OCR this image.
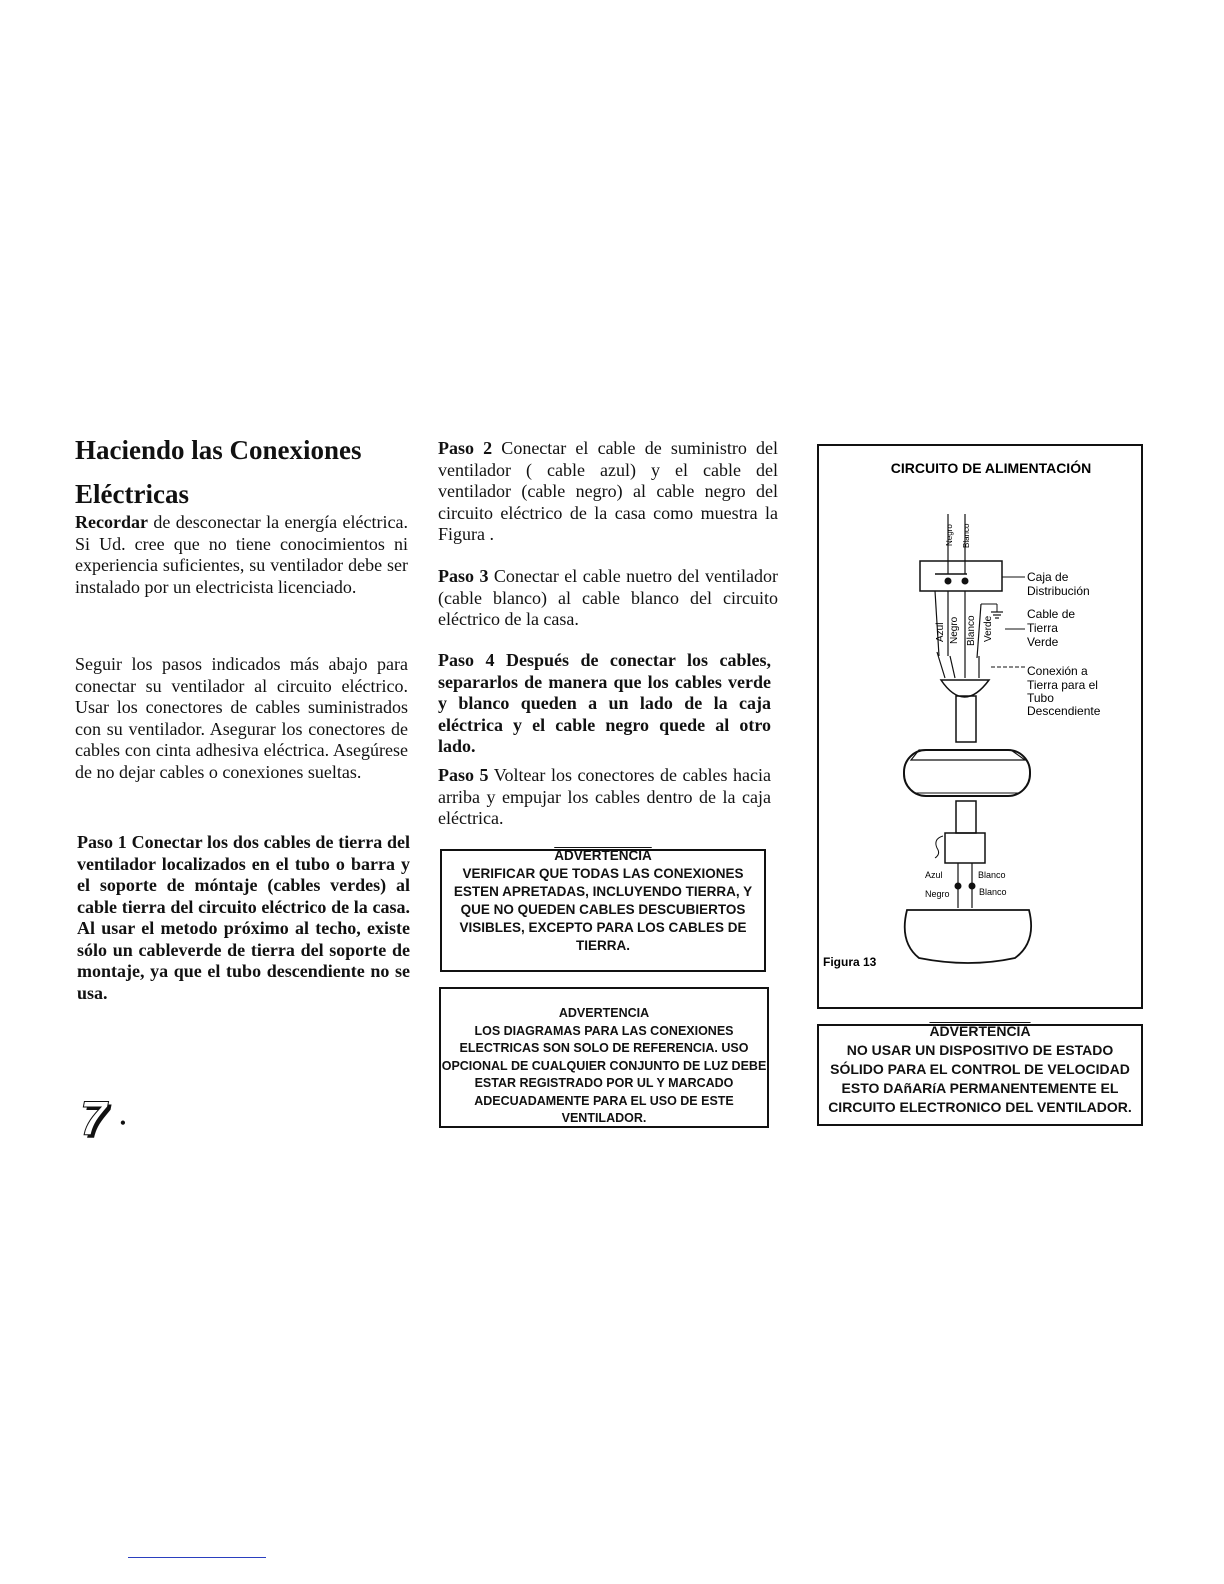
Haciendo las Conexiones
Eléctricas

Recordar de desconectar la energía eléctrica. Si Ud. cree que no tiene conocimientos ni experiencia suficientes, su ventilador debe ser instalado por un electricista licenciado.

Seguir los pasos indicados más abajo para conectar su ventilador al circuito eléctrico. Usar los conectores de cables suministrados con su ventilador. Asegurar los conectores de cables con cinta adhesiva eléctrica. Asegúrese de no dejar cables o conexiones sueltas.

Paso 1 Conectar los dos cables de tierra del ventilador localizados en el tubo o barra y el soporte de móntaje (cables verdes) al cable tierra del circuito eléctrico de la casa. Al usar el metodo próximo al techo, existe sólo un cableverde de tierra del soporte de montaje, ya que el tubo descendiente no se usa.

7 •

Paso 2 Conectar el cable de suministro del ventilador ( cable azul) y el cable del ventilador (cable negro) al cable negro del circuito eléctrico de la casa como muestra la Figura .

Paso 3 Conectar el cable nuetro del ventilador (cable blanco) al cable blanco del circuito eléctrico de la casa.

Paso 4 Después de conectar los cables, separarlos de manera que los cables verde y blanco queden a un lado de la caja eléctrica y el cable negro quede al otro lado.

Paso 5 Voltear los conectores de cables hacia arriba y empujar los cables dentro de la caja eléctrica.

ADVERTENCIA
VERIFICAR QUE TODAS LAS CONEXIONES ESTEN APRETADAS, INCLUYENDO TIERRA, Y QUE NO QUEDEN CABLES DESCUBIERTOS VISIBLES, EXCEPTO PARA LOS CABLES DE TIERRA.
ADVERTENCIA
LOS DIAGRAMAS PARA LAS CONEXIONES ELECTRICAS SON SOLO DE REFERENCIA. USO OPCIONAL DE CUALQUIER CONJUNTO DE LUZ DEBE ESTAR REGISTRADO POR UL Y MARCADO ADECUADAMENTE PARA EL USO DE ESTE VENTILADOR.
CIRCUITO DE ALIMENTACIÓN
Negro Blanco
Caja de
Distribución
Cable de
Tierra
Verde
Azul Negro Blanco Verde
Conexión a
Tierra para el
Tubo
Descendiente
Azul	Blanco
Negro	Blanco
Figura 13
ADVERTENCIA
NO USAR UN DISPOSITIVO DE ESTADO SÓLIDO PARA EL CONTROL DE VELOCIDAD ESTO DAñARíA PERMANENTEMENTE EL CIRCUITO ELECTRONICO DEL VENTILADOR.
